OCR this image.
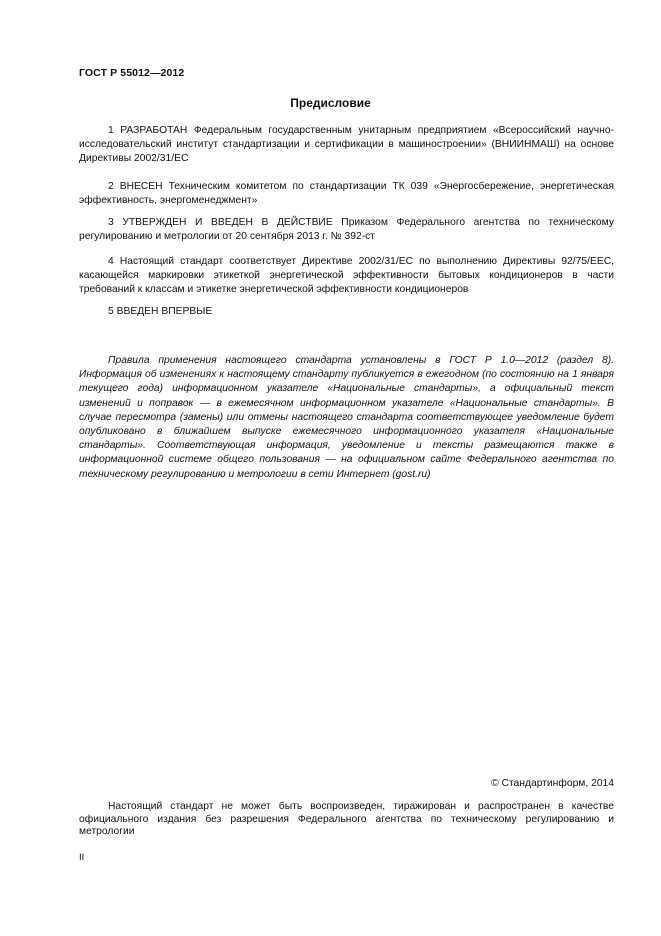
ГОСТ Р 55012—2012
Предисловие

1 РАЗРАБОТАН Федеральным государственным унитарным предприятием «Всероссийский научно-исследовательский институт стандартизации и сертификации в машиностроении» (ВНИИНМАШ) на основе Директивы 2002/31/ЕС

2 ВНЕСЕН Техническим комитетом по стандартизации ТК 039 «Энергосбережение, энергетическая эффективность, энергоменеджмент»

3 УТВЕРЖДЕН И ВВЕДЕН В ДЕЙСТВИЕ Приказом Федерального агентства по техническому регулированию и метрологии от 20 сентября 2013 г. № 392-ст

4 Настоящий стандарт соответствует Директиве 2002/31/ЕС по выполнению Директивы 92/75/ЕЕС, касающейся маркировки этикеткой энергетической эффективности бытовых кондиционеров в части требований к классам и этикетке энергетической эффективности кондиционеров

5 ВВЕДЕН ВПЕРВЫЕ

Правила применения настоящего стандарта установлены в ГОСТ Р 1.0—2012 (раздел 8). Информация об изменениях к настоящему стандарту публикуется в ежегодном (по состоянию на 1 января текущего года) информационном указателе «Национальные стандарты», а официальный текст изменений и поправок — в ежемесячном информационном указателе «Национальные стандарты». В случае пересмотра (замены) или отмены настоящего стандарта соответствующее уведомление будет опубликовано в ближайшем выпуске ежемесячного информационного указателя «Национальные стандарты». Соответствующая информация, уведомление и тексты размещаются также в информационной системе общего пользования — на официальном сайте Федерального агентства по техническому регулированию и метрологии в сети Интернет (gost.ru)

© Стандартинформ, 2014

Настоящий стандарт не может быть воспроизведен, тиражирован и распространен в качестве официального издания без разрешения Федерального агентства по техническому регулированию и метрологии

II
